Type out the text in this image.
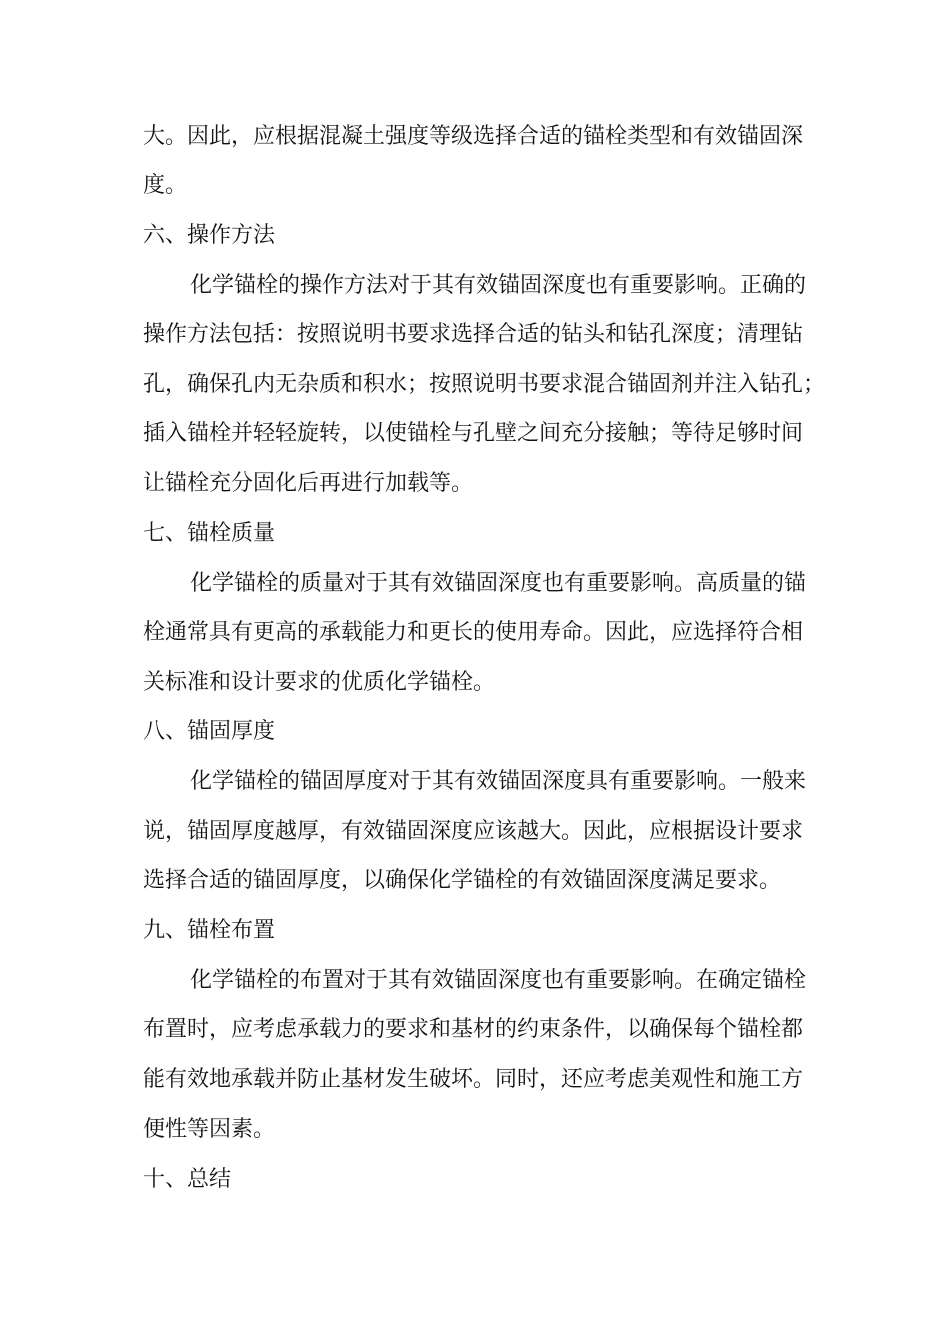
大。因此，应根据混凝土强度等级选择合适的锚栓类型和有效锚固深
度。
六、操作方法
化学锚栓的操作方法对于其有效锚固深度也有重要影响。正确的
操作方法包括：按照说明书要求选择合适的钻头和钻孔深度；清理钻
孔，确保孔内无杂质和积水；按照说明书要求混合锚固剂并注入钻孔；
插入锚栓并轻轻旋转，以使锚栓与孔壁之间充分接触；等待足够时间
让锚栓充分固化后再进行加载等。
七、锚栓质量
化学锚栓的质量对于其有效锚固深度也有重要影响。高质量的锚
栓通常具有更高的承载能力和更长的使用寿命。因此，应选择符合相
关标准和设计要求的优质化学锚栓。
八、锚固厚度
化学锚栓的锚固厚度对于其有效锚固深度具有重要影响。一般来
说，锚固厚度越厚，有效锚固深度应该越大。因此，应根据设计要求
选择合适的锚固厚度，以确保化学锚栓的有效锚固深度满足要求。
九、锚栓布置
化学锚栓的布置对于其有效锚固深度也有重要影响。在确定锚栓
布置时，应考虑承载力的要求和基材的约束条件，以确保每个锚栓都
能有效地承载并防止基材发生破坏。同时，还应考虑美观性和施工方
便性等因素。
十、总结
